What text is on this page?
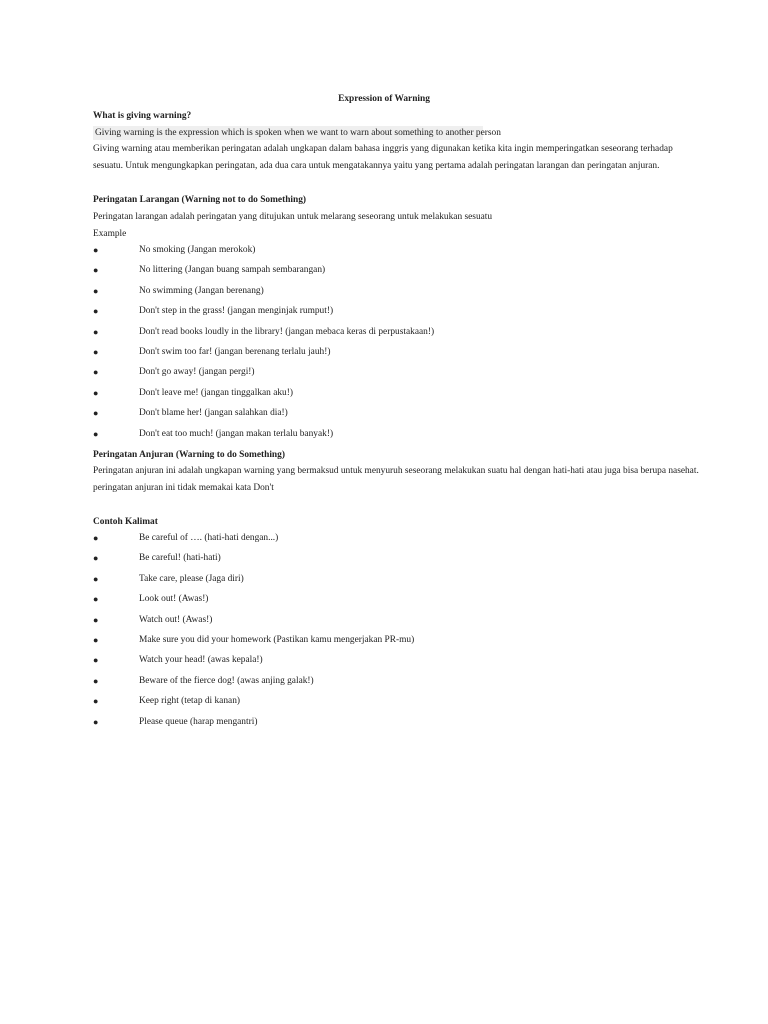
Expression of Warning
What is giving warning?
Giving warning is the expression which is spoken when we want to warn about something to another person
Giving warning atau memberikan peringatan adalah ungkapan dalam bahasa inggris yang digunakan ketika kita ingin memperingatkan seseorang terhadap
sesuatu. Untuk mengungkapkan peringatan, ada dua cara untuk mengatakannya yaitu yang pertama adalah peringatan larangan dan peringatan anjuran.
Peringatan Larangan (Warning not to do Something)
Peringatan larangan adalah peringatan yang ditujukan untuk melarang seseorang untuk melakukan sesuatu
Example
●	No smoking (Jangan merokok)
●	No littering (Jangan buang sampah sembarangan)
●	No swimming (Jangan berenang)
●	Don't step in the grass! (jangan menginjak rumput!)
●	Don't read books loudly in the library! (jangan mebaca keras di perpustakaan!)
●	Don't swim too far! (jangan berenang terlalu jauh!)
●	Don't go away! (jangan pergi!)
●	Don't leave me! (jangan tinggalkan aku!)
●	Don't blame her! (jangan salahkan dia!)
●	Don't eat too much! (jangan makan terlalu banyak!)
Peringatan Anjuran (Warning to do Something)
Peringatan anjuran ini adalah ungkapan warning yang bermaksud untuk menyuruh seseorang melakukan suatu hal dengan hati-hati atau juga bisa berupa nasehat.
peringatan anjuran ini tidak memakai kata Don't
Contoh Kalimat
●	Be careful of …. (hati-hati dengan...)
●	Be careful! (hati-hati)
●	Take care, please (Jaga diri)
●	Look out! (Awas!)
●	Watch out! (Awas!)
●	Make sure you did your homework (Pastikan kamu mengerjakan PR-mu)
●	Watch your head! (awas kepala!)
●	Beware of the fierce dog! (awas anjing galak!)
●	Keep right (tetap di kanan)
●	Please queue (harap mengantri)
